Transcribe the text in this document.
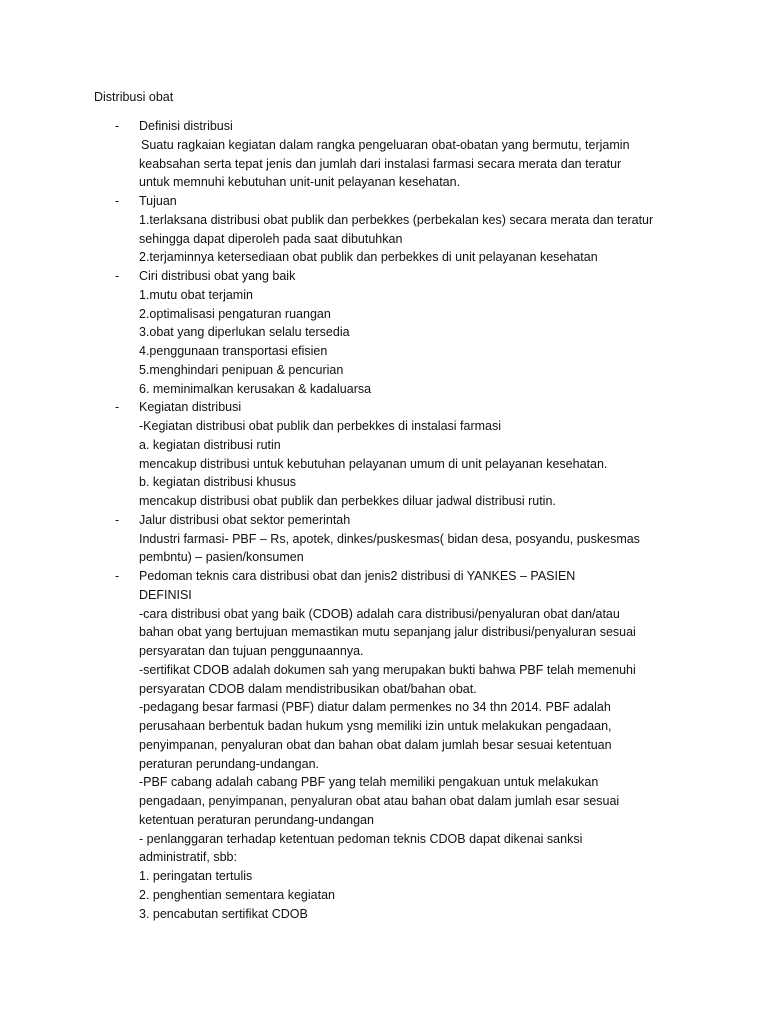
Distribusi obat
-	Definisi distribusi
Suatu ragkaian kegiatan dalam rangka pengeluaran obat-obatan yang bermutu, terjamin
keabsahan serta tepat jenis dan jumlah dari instalasi farmasi secara merata dan teratur
untuk memnuhi kebutuhan unit-unit pelayanan kesehatan.
-	Tujuan
1.terlaksana distribusi obat publik dan perbekkes (perbekalan kes) secara merata dan teratur
sehingga dapat diperoleh pada saat dibutuhkan
2.terjaminnya ketersediaan obat publik dan perbekkes di unit pelayanan kesehatan
-	Ciri distribusi obat yang baik
1.mutu obat terjamin
2.optimalisasi pengaturan ruangan
3.obat yang diperlukan selalu tersedia
4.penggunaan transportasi efisien
5.menghindari penipuan & pencurian
6. meminimalkan kerusakan & kadaluarsa
-	Kegiatan distribusi
-Kegiatan distribusi obat publik dan perbekkes di instalasi farmasi
a. kegiatan distribusi rutin
mencakup distribusi untuk kebutuhan pelayanan umum di unit pelayanan kesehatan.
b. kegiatan distribusi khusus
mencakup distribusi obat publik dan perbekkes diluar jadwal distribusi rutin.
-	Jalur distribusi obat sektor pemerintah
Industri farmasi- PBF – Rs, apotek, dinkes/puskesmas( bidan desa, posyandu, puskesmas
pembntu) – pasien/konsumen
-	Pedoman teknis cara distribusi obat dan jenis2 distribusi di YANKES – PASIEN
DEFINISI
-cara distribusi obat yang baik (CDOB) adalah cara distribusi/penyaluran obat dan/atau
bahan obat yang bertujuan memastikan mutu sepanjang jalur distribusi/penyaluran sesuai
persyaratan dan tujuan penggunaannya.
-sertifikat CDOB adalah dokumen sah yang merupakan bukti bahwa PBF telah memenuhi
persyaratan CDOB dalam mendistribusikan obat/bahan obat.
-pedagang besar farmasi (PBF) diatur dalam permenkes no 34 thn 2014. PBF adalah
perusahaan berbentuk badan hukum ysng memiliki izin untuk melakukan pengadaan,
penyimpanan, penyaluran obat dan bahan obat dalam jumlah besar sesuai ketentuan
peraturan perundang-undangan.
-PBF cabang adalah cabang PBF yang telah memiliki pengakuan untuk melakukan
pengadaan, penyimpanan, penyaluran obat atau bahan obat dalam jumlah esar sesuai
ketentuan peraturan perundang-undangan
- penlanggaran terhadap ketentuan pedoman teknis CDOB dapat dikenai sanksi
administratif, sbb:
1. peringatan tertulis
2. penghentian sementara kegiatan
3. pencabutan sertifikat CDOB
